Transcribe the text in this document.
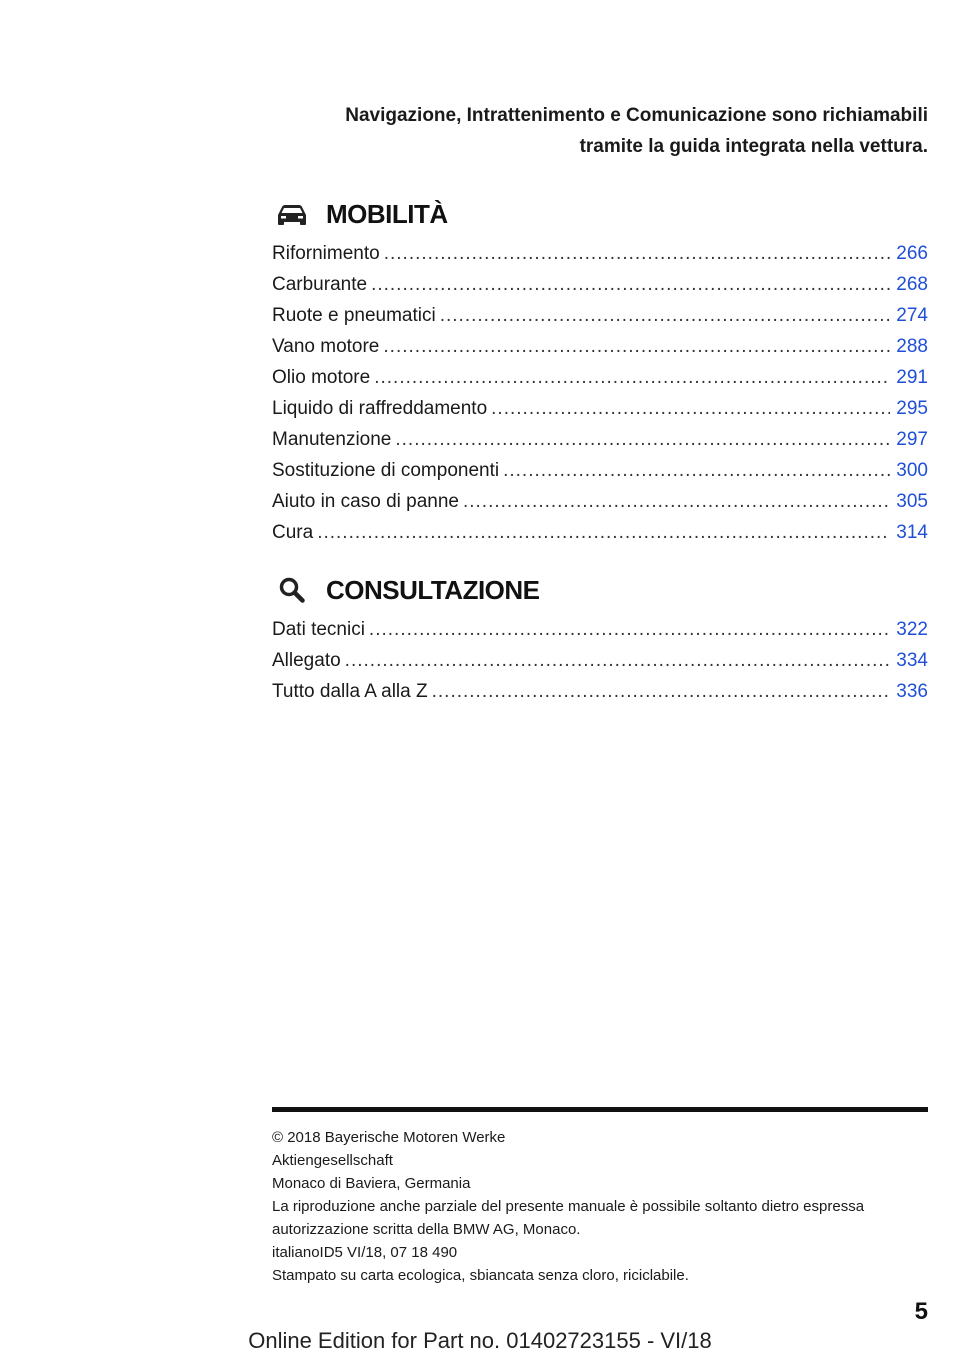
Navigazione, Intrattenimento e Comunicazione sono richiamabili
tramite la guida integrata nella vettura.
MOBILITÀ
Rifornimento .....	266
Carburante .....	268
Ruote e pneumatici .....	274
Vano motore .....	288
Olio motore .....	291
Liquido di raffreddamento .....	295
Manutenzione .....	297
Sostituzione di componenti .....	300
Aiuto in caso di panne .....	305
Cura .....	314
CONSULTAZIONE
Dati tecnici .....	322
Allegato .....	334
Tutto dalla A alla Z .....	336
© 2018 Bayerische Motoren Werke
Aktiengesellschaft
Monaco di Baviera, Germania
La riproduzione anche parziale del presente manuale è possibile soltanto dietro espressa
autorizzazione scritta della BMW AG, Monaco.
italianoID5 VI/18, 07 18 490
Stampato su carta ecologica, sbiancata senza cloro, riciclabile.
5
Online Edition for Part no. 01402723155 - VI/18
